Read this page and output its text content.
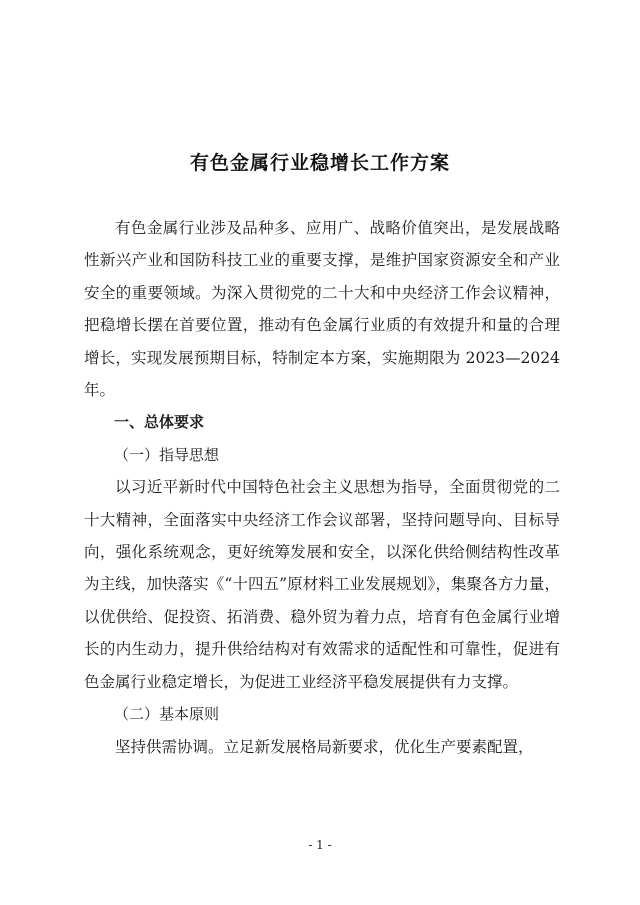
有色金属行业稳增长工作方案

有色金属行业涉及品种多、应用广、战略价值突出，是发展战略性新兴产业和国防科技工业的重要支撑，是维护国家资源安全和产业安全的重要领域。为深入贯彻党的二十大和中央经济工作会议精神，把稳增长摆在首要位置，推动有色金属行业质的有效提升和量的合理增长，实现发展预期目标，特制定本方案，实施期限为 2023—2024 年。

一、总体要求

（一）指导思想

以习近平新时代中国特色社会主义思想为指导，全面贯彻党的二十大精神，全面落实中央经济工作会议部署，坚持问题导向、目标导向，强化系统观念，更好统筹发展和安全，以深化供给侧结构性改革为主线，加快落实《“十四五”原材料工业发展规划》，集聚各方力量，以优供给、促投资、拓消费、稳外贸为着力点，培育有色金属行业增长的内生动力，提升供给结构对有效需求的适配性和可靠性，促进有色金属行业稳定增长，为促进工业经济平稳发展提供有力支撑。

（二）基本原则

坚持供需协调。立足新发展格局新要求，优化生产要素配置，

- 1 -
